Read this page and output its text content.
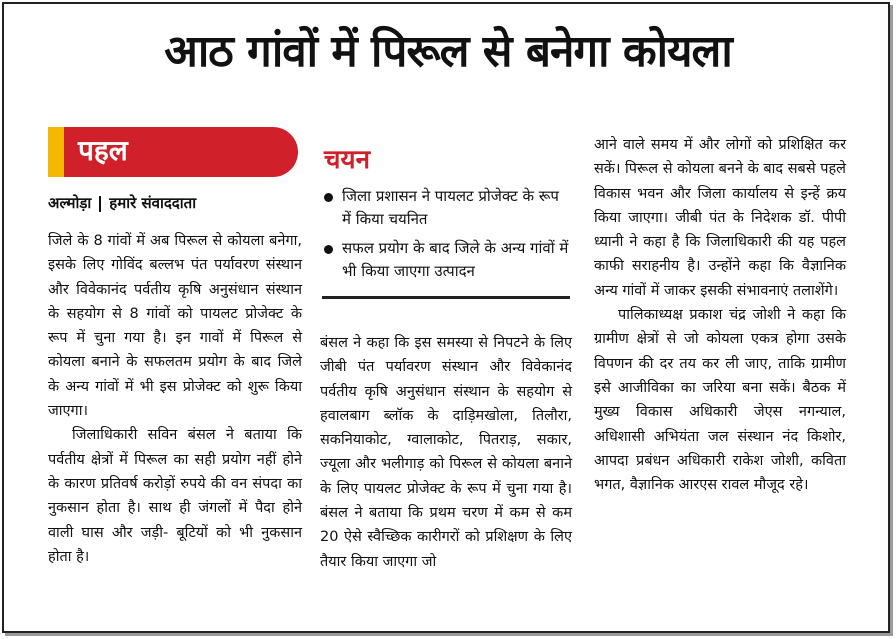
आठ गांवों में पिरूल से बनेगा कोयला
पहल
अल्मोड़ा हमारे संवाददाता

जिले के 8 गांवों में अब पिरूल से कोयला बनेगा, इसके लिए गोविंद बल्लभ पंत पर्यावरण संस्थान और विवेकानंद पर्वतीय कृषि अनुसंधान संस्थान के सहयोग से 8 गांवों को पायलट प्रोजेक्ट के रूप में चुना गया है। इन गावों में पिरूल से कोयला बनाने के सफलतम प्रयोग के बाद जिले के अन्य गांवों में भी इस प्रोजेक्ट को शुरू किया जाएगा।

जिलाधिकारी सविन बंसल ने बताया कि पर्वतीय क्षेत्रों में पिरूल का सही प्रयोग नहीं होने के कारण प्रतिवर्ष करोड़ों रुपये की वन संपदा का नुकसान होता है। साथ ही जंगलों में पैदा होने वाली घास और जड़ी- बूटियों को भी नुकसान होता है।

चयन
जिला प्रशासन ने पायलट प्रोजेक्ट के रूप में किया चयनित
सफल प्रयोग के बाद जिले के अन्य गांवों में भी किया जाएगा उत्पादन

बंसल ने कहा कि इस समस्या से निपटने के लिए जीबी पंत पर्यावरण संस्थान और विवेकानंद पर्वतीय कृषि अनुसंधान संस्थान के सहयोग से हवालबाग ब्लॉक के दाड़िमखोला, तिलौरा, सकनियाकोट, ग्वालाकोट, पितराड़, सकार, ज्यूला और भलीगाड़ को पिरूल से कोयला बनाने के लिए पायलट प्रोजेक्ट के रूप में चुना गया है। बंसल ने बताया कि प्रथम चरण में कम से कम 20 ऐसे स्वैच्छिक कारीगरों को प्रशिक्षण के लिए तैयार किया जाएगा जो

आने वाले समय में और लोगों को प्रशिक्षित कर सकें। पिरूल से कोयला बनने के बाद सबसे पहले विकास भवन और जिला कार्यालय से इन्हें क्रय किया जाएगा। जीबी पंत के निदेशक डॉ. पीपी ध्यानी ने कहा है कि जिलाधिकारी की यह पहल काफी सराहनीय है। उन्होंने कहा कि वैज्ञानिक अन्य गांवों में जाकर इसकी संभावनाएं तलाशेंगे।

पालिकाध्यक्ष प्रकाश चंद्र जोशी ने कहा कि ग्रामीण क्षेत्रों से जो कोयला एकत्र होगा उसके विपणन की दर तय कर ली जाए, ताकि ग्रामीण इसे आजीविका का जरिया बना सकें। बैठक में मुख्य विकास अधिकारी जेएस नगन्याल, अधिशासी अभियंता जल संस्थान नंद किशोर, आपदा प्रबंधन अधिकारी राकेश जोशी, कविता भगत, वैज्ञानिक आरएस रावल मौजूद रहे।
